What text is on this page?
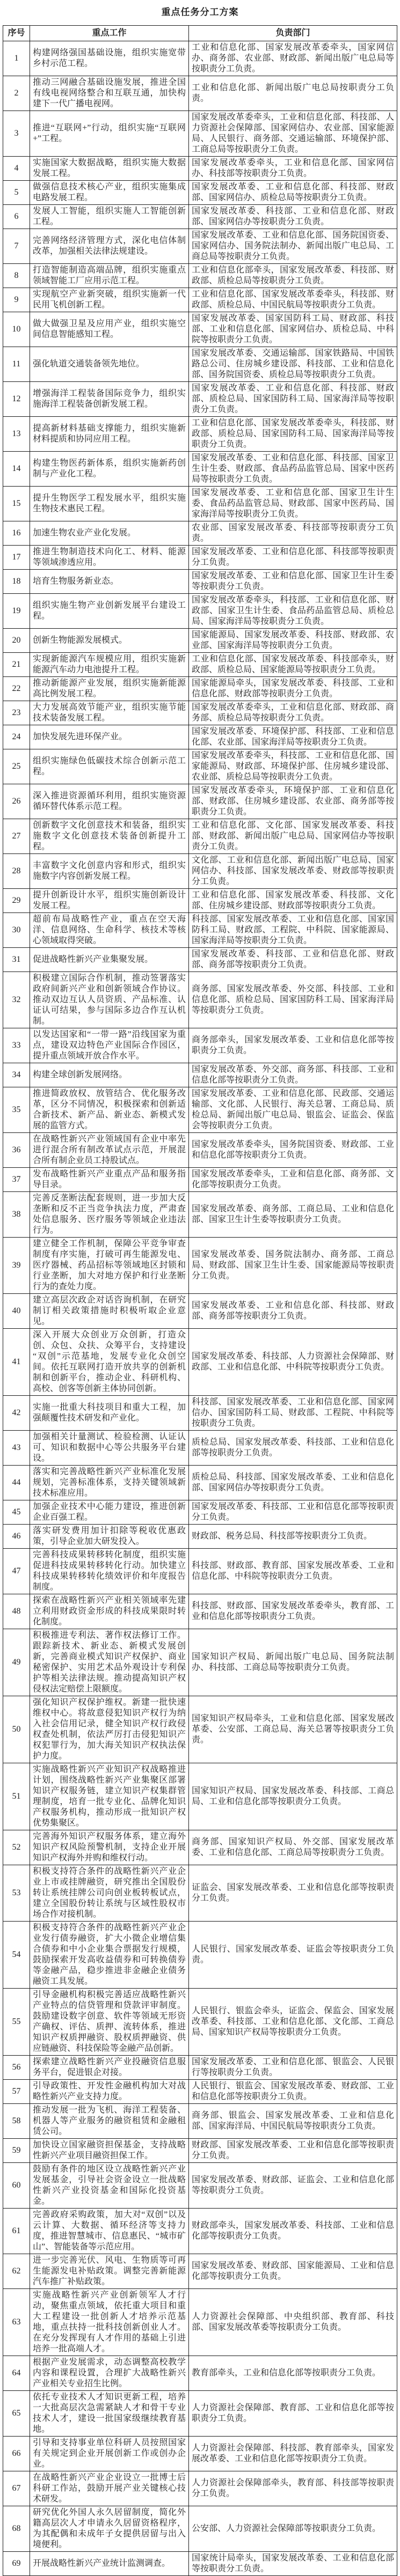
重点任务分工方案
序号	重点工作	负责部门
1	构建网络强国基础设施，组织实施宽带乡村示范工程。	工业和信息化部、国家发展改革委牵头，国家网信办、商务部、农业部、财政部、新闻出版广电总局等按职责分工负责。
2	推动三网融合基础设施发展，推进全国有线电视网络整合和互联互通，加快构建下一代广播电视网。	工业和信息化部、新闻出版广电总局按职责分工负责。
3	推进“互联网+”行动，组织实施“互联网+”工程。	国家发展改革委牵头，工业和信息化部、科技部、人力资源社会保障部、国家网信办、农业部、国家能源局、人民银行、商务部、交通运输部、环境保护部、工商总局等按职责分工负责。
4	实施国家大数据战略，组织实施大数据发展工程。	国家发展改革委牵头，工业和信息化部、国家网信办、科技部等按职责分工负责。
5	做强信息技术核心产业，组织实施集成电路发展工程。	国家发展改革委、工业和信息化部、科技部、财政部、国家网信办、质检总局等按职责分工负责。
6	发展人工智能，组织实施人工智能创新工程。	国家发展改革委、科技部、工业和信息化部、财政部、国家网信办等按职责分工负责。
7	完善网络经济管理方式，深化电信体制改革，加强相关法律法规建设。	国家发展改革委、工业和信息化部、国务院国资委、国家网信办、国务院法制办、新闻出版广电总局、工商总局等按职责分工负责。
8	打造智能制造高端品牌，组织实施重点领域智能工厂应用示范工程。	工业和信息化部牵头，国家发展改革委、科技部、财政部、质检总局等按职责分工负责。
9	实现航空产业新突破，组织实施新一代民用飞机创新工程。	工业和信息化部、国家发展改革委牵头，科技部、财政部、质检总局、中国民航局等按职责分工负责。
10	做大做强卫星及应用产业，组织实施空间信息智能感知工程。	国家发展改革委、国家国防科工局、财政部、科技部、工业和信息化部、国家网信办、质检总局、中科院等按职责分工负责。
11	强化轨道交通装备领先地位。	国家发展改革委、交通运输部、国家铁路局、中国铁路总公司、住房城乡建设部、科技部、工业和信息化部、国务院国资委、质检总局等按职责分工负责。
12	增强海洋工程装备国际竞争力，组织实施海洋工程装备创新发展工程。	国家发展改革委、工业和信息化部、科技部、财政部、质检总局、国家国防科工局、国家海洋局等按职责分工负责。
13	提高新材料基础支撑能力，组织实施新材料提质和协同应用工程。	工业和信息化部、国家发展改革委牵头，科技部、财政部、质检总局、国家国防科工局、国家海洋局等按职责分工负责。
14	构建生物医药新体系，组织实施新药创制与产业化工程。	国家发展改革委、工业和信息化部、科技部、国家卫生计生委、财政部、食品药品监管总局、国家中医药局等按职责分工负责。
15	提升生物医学工程发展水平，组织实施生物技术惠民工程。	国家发展改革委、工业和信息化部、国家卫生计生委、食品药品监管总局、财政部、国家中医药局、国家海洋局等按职责分工负责。
16	加速生物农业产业化发展。	农业部、国家发展改革委、科技部等按职责分工负责。
17	推进生物制造技术向化工、材料、能源等领域渗透应用。	国家发展改革委、工业和信息化部、科技部等按职责分工负责。
18	培育生物服务新业态。	国家发展改革委、工业和信息化部、国家卫生计生委等按职责分工负责。
19	组织实施生物产业创新发展平台建设工程。	国家发展改革委牵头，科技部、工业和信息化部、财政部、国家卫生计生委、食品药品监管总局、质检总局、国家海洋局等按职责分工负责。
20	创新生物能源发展模式。	国家能源局、国家发展改革委、科技部、财政部、农业部、国家海洋局等按职责分工负责。
21	实现新能源汽车规模应用，组织实施新能源汽车动力电池提升工程。	工业和信息化部、国家发展改革委、科技部牵头，财政部、质检总局、国家能源局等按职责分工负责。
22	推动新能源产业发展，组织实施新能源高比例发展工程。	国家能源局牵头，国家发展改革委、科技部、工业和信息化部、财政部等按职责分工负责。
23	大力发展高效节能产业，组织实施节能技术装备发展工程。	国家发展改革委牵头，工业和信息化部、财政部、商务部、质检总局等按职责分工负责。
24	加快发展先进环保产业。	国家发展改革委、环境保护部、科技部、工业和信息化部、农业部、国家海洋局等按职责分工负责。
25	组织实施绿色低碳技术综合创新示范工程。	国家发展改革委牵头，科技部、工业和信息化部、国家能源局、财政部、环境保护部、住房城乡建设部、农业部、质检总局等按职责分工负责。
26	深入推进资源循环利用，组织实施资源循环替代体系示范工程。	国家发展改革委牵头，环境保护部、工业和信息化部、财政部、住房城乡建设部、农业部、商务部等按职责分工负责。
27	创新数字文化创意技术和装备，组织实施数字文化创意技术装备创新提升工程。	工业和信息化部、文化部、国家发展改革委、科技部、财政部、新闻出版广电总局、国家网信办等按职责分工负责。
28	丰富数字文化创意内容和形式，组织实施数字内容创新发展工程。	文化部、工业和信息化部、新闻出版广电总局、国家网信办、科技部、国家发展改革委、财政部等按职责分工负责。
29	提升创新设计水平，组织实施创新设计发展工程。	工业和信息化部、国家发展改革委、科技部、文化部、住房城乡建设部、财政部等按职责分工负责。
30	超前布局战略性产业，重点在空天海洋、信息网络、生命科学、核技术等核心领域取得突破。	科技部、国家发展改革委、工业和信息化部、国家国防科工局、财政部、工程院、中科院、国家能源局、国家海洋局等按职责分工负责。
31	促进战略性新兴产业集聚发展。	国家发展改革委、科技部、工业和信息化部、财政部、商务部等按职责分工负责。
32	积极建立国际合作机制，推动签署落实政府间新兴产业和创新领域合作协议。推动双边互认人员资质、产品标准、认证认可结果，参与国际多边合作互认机制。	商务部、国家发展改革委、外交部、科技部、工业和信息化部、质检总局、国家国防科工局、国家海洋局等按职责分工负责。
33	以发达国家和“一带一路”沿线国家为重点，建设双边特色产业国际合作园区，提升重点领域开放合作水平。	商务部牵头，国家发展改革委、工业和信息化部等按职责分工负责。
34	构建全球创新发展网络。	国家发展改革委、外交部、商务部、科技部、工业和信息化部等按职责分工负责。
35	推进简政放权、放管结合、优化服务改革，区分不同情况，积极探索和创新适合新技术、新产品、新业态、新模式发展的监管方式。	国家发展改革委、工业和信息化部、民政部、交通运输部、文化部、人民银行、海关总署、工商总局、质检总局、新闻出版广电总局、银监会、证监会、保监会等按职责分工负责。
36	在战略性新兴产业领域国有企业中率先进行混合所有制改革试点示范，开展混合所有制企业员工持股试点。	国家发展改革委牵头，国务院国资委、财政部、工业和信息化部等按职责分工负责。
37	发布战略性新兴产业重点产品和服务指导目录。	国家发展改革委牵头，工业和信息化部、商务部、文化部等按职责分工负责。
38	完善反垄断法配套规则，进一步加大反垄断和反不正当竞争执法力度，严肃查处信息服务、医疗服务等领域企业违法行为。	国家发展改革委、商务部、工商总局、工业和信息化部、国家卫生计生委等按职责分工负责。
39	建立健全工作机制，保障公平竞争审查制度有序实施，打破可再生能源发电、医疗器械、药品招标等领域地区封锁和行业垄断，加大对地方保护和行业垄断行为的查处力度。	国家发展改革委、国务院法制办、商务部、工商总局、财政部、国家卫生计生委、国家能源局等按职责分工负责。
40	建立高层次政企对话咨询机制，在研究制订相关政策措施时积极听取企业意见。	国家发展改革委、工业和信息化部、科技部、财政部、商务部等按职责分工负责。
41	深入开展大众创业万众创新，打造众创、众包、众扶、众筹平台，支持建设“双创”示范基地，发展专业化众创空间。依托互联网打造开放共享的创新机制和创新平台，推动企业、科研机构、高校、创客等创新主体协同创新。	国家发展改革委、科技部、人力资源社会保障部、财政部、工业和信息化部、中科院等按职责分工负责。
42	实施一批重大科技项目和重大工程，加强颠覆性技术研发和产业化。	科技部、国家发展改革委、工业和信息化部、国家网信办、国家国防科工局、财政部、工程院、中科院等按职责分工负责。
43	加强相关计量测试、检验检测、认证认可、知识和数据中心等公共服务平台建设。	质检总局、国家发展改革委、科技部、工业和信息化部等按职责分工负责。
44	落实和完善战略性新兴产业标准化发展规划，完善标准体系，支持关键领域新技术标准应用。	质检总局、科技部、国家发展改革委、工业和信息化部、国家网信办等按职责分工负责。
45	加强企业技术中心能力建设，推进创新企业百强工程。	国家发展改革委、科技部、工业和信息化部等按职责分工负责。
46	落实研发费用加计扣除等税收优惠政策，引导企业加大研发投入。	财政部、税务总局、科技部等按职责分工负责。
47	完善科技成果转移转化制度，组织实施促进科技成果转移转化行动。加快建立科技成果转移转化绩效评价和年度报告制度。	科技部、财政部、教育部、国家发展改革委、工业和信息化部、中科院等按职责分工负责。
48	探索在战略性新兴产业相关领域率先建立利用财政资金形成的科技成果限时转化制度。	科技部、财政部、国家发展改革委牵头，教育部、工业和信息化部等按职责分工负责。
49	积极推进专利法、著作权法修订工作。跟踪新技术、新业态、新模式发展创新，完善商业模式知识产权保护、商业秘密保护、实用艺术品外观设计专利保护等相关法律法规。推动提高知识产权侵权法定赔偿上限额度。	国家知识产权局、新闻出版广电总局、国务院法制办、科技部、工商总局等按职责分工负责。
50	强化知识产权保护维权。新建一批快速维权中心。将故意侵犯知识产权行为纳入社会信用记录，健全知识产权行政侵权查处机制，依法严厉打击侵犯知识产权犯罪行为，加大海关知识产权执法保护力度。	国家知识产权局牵头，工业和信息化部、国家发展改革委、公安部、工商总局、海关总署等按职责分工负责。
51	实施战略性新兴产业知识产权战略推进计划，围绕战略性新兴产业集聚区部署知识产权服务链，建立知识产权集群管理制度，培育一批专业化、品牌化知识产权服务机构，推动形成一批知识产权优势集聚区。	国家知识产权局、国家发展改革委、科技部、工商总局、工业和信息化部等按职责分工负责。
52	完善海外知识产权服务体系，建立海外知识产权风险预警机制，支持企业开展知识产权海外并购和维权行动。	商务部、国家知识产权局、外交部、国家发展改革委、工业和信息化部、工商总局等按职责分工负责。
53	积极支持符合条件的战略性新兴产业企业上市或挂牌融资，研究推出全国股份转让系统挂牌公司向创业板转板试点，建立全国股份转让系统与区域性股权市场合作对接机制。	证监会、国家发展改革委、工业和信息化部等按职责分工负责。
54	积极支持符合条件的战略性新兴产业企业发行债券融资，扩大小微企业增信集合债券和中小企业集合票据发行规模，鼓励探索开发高收益债券和可转换债券等金融产品，稳步推进非金融企业债务融资工具发展。	人民银行、国家发展改革委、证监会等按职责分工负责。
55	引导金融机构积极完善适应战略性新兴产业特点的信贷管理和贷款评审制度。鼓励建设数字创意、软件等领域无形资产确权、评估、质押、流转体系，推进知识产权质押融资、股权质押融资、供应链融资、科技保险等金融产品创新。	人民银行、银监会牵头，证监会、保监会、国家发展改革委、科技部、工业和信息化部、文化部、工商总局、国家知识产权局等按职责分工负责。
56	探索建立战略性新兴产业投融资信息服务平台，促进银企对接。	国家发展改革委、工业和信息化部、银监会、人民银行等按职责分工负责。
57	引导政策性、开发性金融机构加大对战略性新兴产业支持力度。	人民银行、银监会、国家发展改革委、财政部、工业和信息化部等按职责分工负责。
58	推动发展一批为飞机、海洋工程装备、机器人等产业服务的融资租赁和金融租赁公司。	商务部、银监会、国家发展改革委、工业和信息化部、国家海洋局、中国民航局等按职责分工负责。
59	加快设立国家融资担保基金，支持战略性新兴产业项目融资担保工作。	财政部、国家发展改革委、工业和信息化部等按职责分工负责。
60	鼓励有条件的地区设立战略性新兴产业发展基金，引导社会资金设立一批战略性新兴产业投资基金和国际化投资基金。	国家发展改革委、财政部、证监会、工业和信息化部等按职责分工负责。
61	完善政府采购政策，加大对“双创”以及云计算、大数据、循环经济等支持力度，推进智慧城市、信息惠民、“城市矿山”、智能装备等示范应用。	财政部牵头，国家发展改革委、科技部、工业和信息化部等按职责分工负责。
62	进一步完善光伏、风电、生物质等可再生能源发电补贴政策。调整完善新能源汽车推广补贴政策。	国家发展改革委、财政部、国家能源局、工业和信息化部等按职责分工负责。
63	实施战略性新兴产业创新领军人才行动，聚焦重点领域，依托重大项目和重大工程建设一批创新人才培养示范基地，重点扶持一批科技创新创业人才。在充分发挥现有人才作用的基础上引进培养一批高端人才。	人力资源社会保障部、中央组织部、教育部、科技部、国家发展改革委等按职责分工负责。
64	根据产业发展需求，动态调整高校教学内容和课程设置，合理扩大战略性新兴产业相关专业招生比例。	教育部牵头，工业和信息化部等按职责分工负责。
65	依托专业技术人才知识更新工程，培养一大批高层次急需紧缺人才和骨干专业技术人才，建设一批国家级继续教育基地。	人力资源社会保障部、教育部、工业和信息化部等按职责分工负责。
66	引导和支持事业单位科研人员按照国家有关规定到企业开展创新工作或创办企业。	人力资源社会保障部、科技部、教育部牵头，国家发展改革委、工业和信息化部等按职责分工负责。
67	在战略性新兴产业企业设立一批博士后科研工作站，鼓励开展产业关键核心技术研发。	人力资源社会保障部牵头，教育部、科技部等按职责分工负责。
68	研究优化外国人永久居留制度，简化外籍高层次人才申请永久居留资格程序，为其配偶和未成年子女提供居留与出入境便利。	公安部、人力资源社会保障部等按职责分工负责。
69	开展战略性新兴产业统计监测调查。	国家统计局牵头，国家发展改革委、工业和信息化部等按职责分工负责。
